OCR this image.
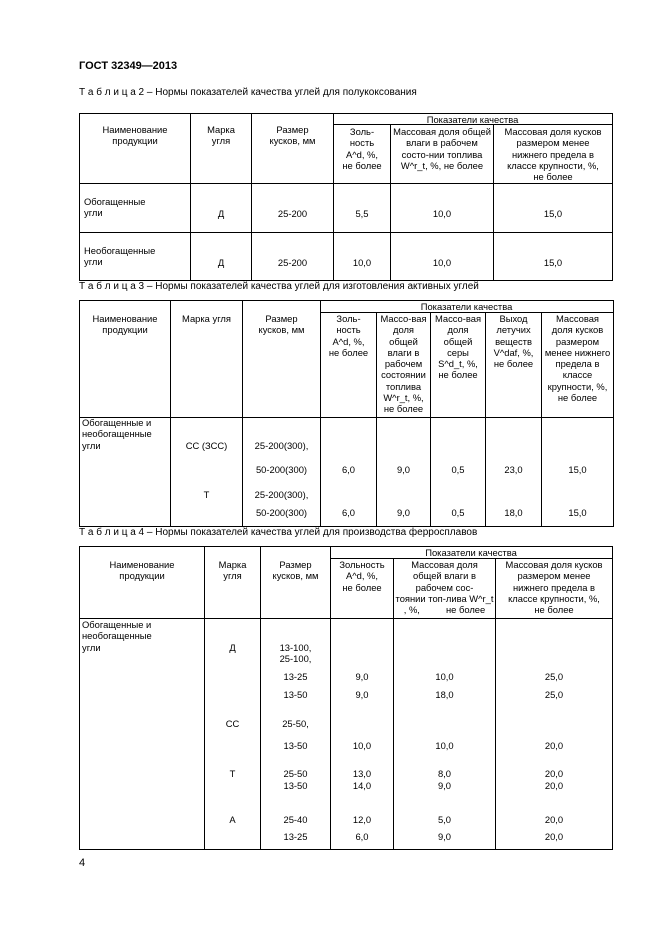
ГОСТ 32349—2013
Т а б л и ц а 2 – Нормы показателей качества углей для полукоксования
Показатели качества
Наименование
продукции
Марка
угля
Размер
кусков, мм
Золь-
ность
A^d, %,
не более
Массовая доля общей
влаги в рабочем
состо-нии топлива
W^r_t, %, не более
Массовая доля кусков
размером менее
нижнего предела в
классе крупности, %,
не более
Обогащенные
угли	Д	25-200	5,5	10,0	15,0
Необогащенные
угли	Д	25-200	10,0	10,0	15,0
Т а б л и ц а 3 – Нормы показателей качества углей для изготовления активных углей
Показатели качества
Наименование
продукции
Марка угля	Размер
кусков, мм
Золь-
ность
A^d, %,
не более
Массо-вая
доля
общей
влаги в
рабочем
состоянии
топлива
W^r_t, %,
не более
Массо-вая
доля
общей
серы
S^d_t, %,
не более
Выход
летучих
веществ
V^daf, %,
не более
Массовая
доля кусков
размером
менее нижнего
предела в
классе
крупности, %,
не более
Обогащенные и
необогащенные
угли	СС (ЗСС)	25-200(300),
50-200(300)	6,0	9,0	0,5	23,0	15,0
Т	25-200(300),
50-200(300)	6,0	9,0	0,5	18,0	15,0
Т а б л и ц а 4 – Нормы показателей качества углей для производства ферросплавов
Показатели качества
Наименование
продукции
Марка
угля
Размер
кусков, мм
Зольность
A^d, %,
не более
Массовая доля
общей влаги в
рабочем сос-
тоянии топ-лива W^r_t
, %,          не более
Массовая доля кусков
размером менее
нижнего предела в
классе крупности, %,
не более
Обогащенные и
необогащенные
угли	Д	13-100,
25-100,
13-25	9,0	10,0	25,0
13-50	9,0	18,0	25,0
СС	25-50,
13-50	10,0	10,0	20,0
Т	25-50	13,0	8,0	20,0
13-50	14,0	9,0	20,0
А	25-40	12,0	5,0	20,0
13-25	6,0	9,0	20,0
4
